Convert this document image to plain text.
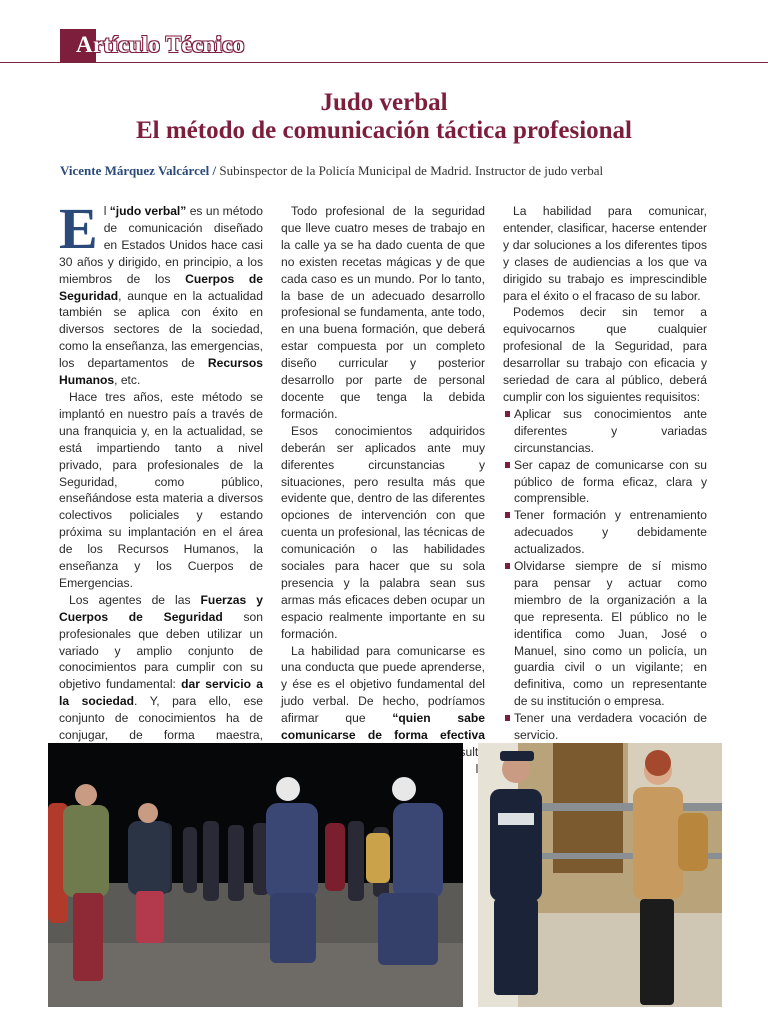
Artículo Técnico
Judo verbal
El método de comunicación táctica profesional
Vicente Márquez Valcárcel / Subinspector de la Policía Municipal de Madrid. Instructor de judo verbal

El “judo verbal” es un método de comunicación diseñado en Estados Unidos hace casi 30 años y dirigido, en principio, a los miembros de los Cuerpos de Seguridad, aunque en la actualidad también se aplica con éxito en diversos sectores de la sociedad, como la enseñanza, las emergencias, los departamentos de Recursos Humanos, etc.

Hace tres años, este método se implantó en nuestro país a través de una franquicia y, en la actualidad, se está impartiendo tanto a nivel privado, para profesionales de la Seguridad, como público, enseñándose esta materia a diversos colectivos policiales y estando próxima su implantación en el área de los Recursos Humanos, la enseñanza y los Cuerpos de Emergencias.

Los agentes de las Fuerzas y Cuerpos de Seguridad son profesionales que deben utilizar un variado y amplio conjunto de conocimientos para cumplir con su objetivo fundamental: dar servicio a la sociedad. Y, para ello, ese conjunto de conocimientos ha de conjugar, de forma maestra,

Todo profesional de la seguridad que lleve cuatro meses de trabajo en la calle ya se ha dado cuenta de que no existen recetas mágicas y de que cada caso es un mundo. Por lo tanto, la base de un adecuado desarrollo profesional se fundamenta, ante todo, en una buena formación, que deberá estar compuesta por un completo diseño curricular y posterior desarrollo por parte de personal docente que tenga la debida formación.

Esos conocimientos adquiridos deberán ser aplicados ante muy diferentes circunstancias y situaciones, pero resulta más que evidente que, dentro de las diferentes opciones de intervención con que cuenta un profesional, las técnicas de comunicación o las habilidades sociales para hacer que su sola presencia y la palabra sean sus armas más eficaces deben ocupar un espacio realmente importante en su formación.

La habilidad para comunicarse es una conducta que puede aprenderse, y ése es el objetivo fundamental del judo verbal. De hecho, podríamos afirmar que “quien sabe comunicarse de forma efectiva resulta

La habilidad para comunicar, entender, clasificar, hacerse entender y dar soluciones a los diferentes tipos y clases de audiencias a los que va dirigido su trabajo es imprescindible para el éxito o el fracaso de su labor.

Podemos decir sin temor a equivocarnos que cualquier profesional de la Seguridad, para desarrollar su trabajo con eficacia y seriedad de cara al público, deberá cumplir con los siguientes requisitos:

Aplicar sus conocimientos ante diferentes y variadas circunstancias.
Ser capaz de comunicarse con su público de forma eficaz, clara y comprensible.
Tener formación y entrenamiento adecuados y debidamente actualizados.
Olvidarse siempre de sí mismo para pensar y actuar como miembro de la organización a la que representa. El público no le identifica como Juan, José o Manuel, sino como un policía, un guardia civil o un vigilante; en definitiva, como un representante de su institución o empresa.
Tener una verdadera vocación de servicio.
